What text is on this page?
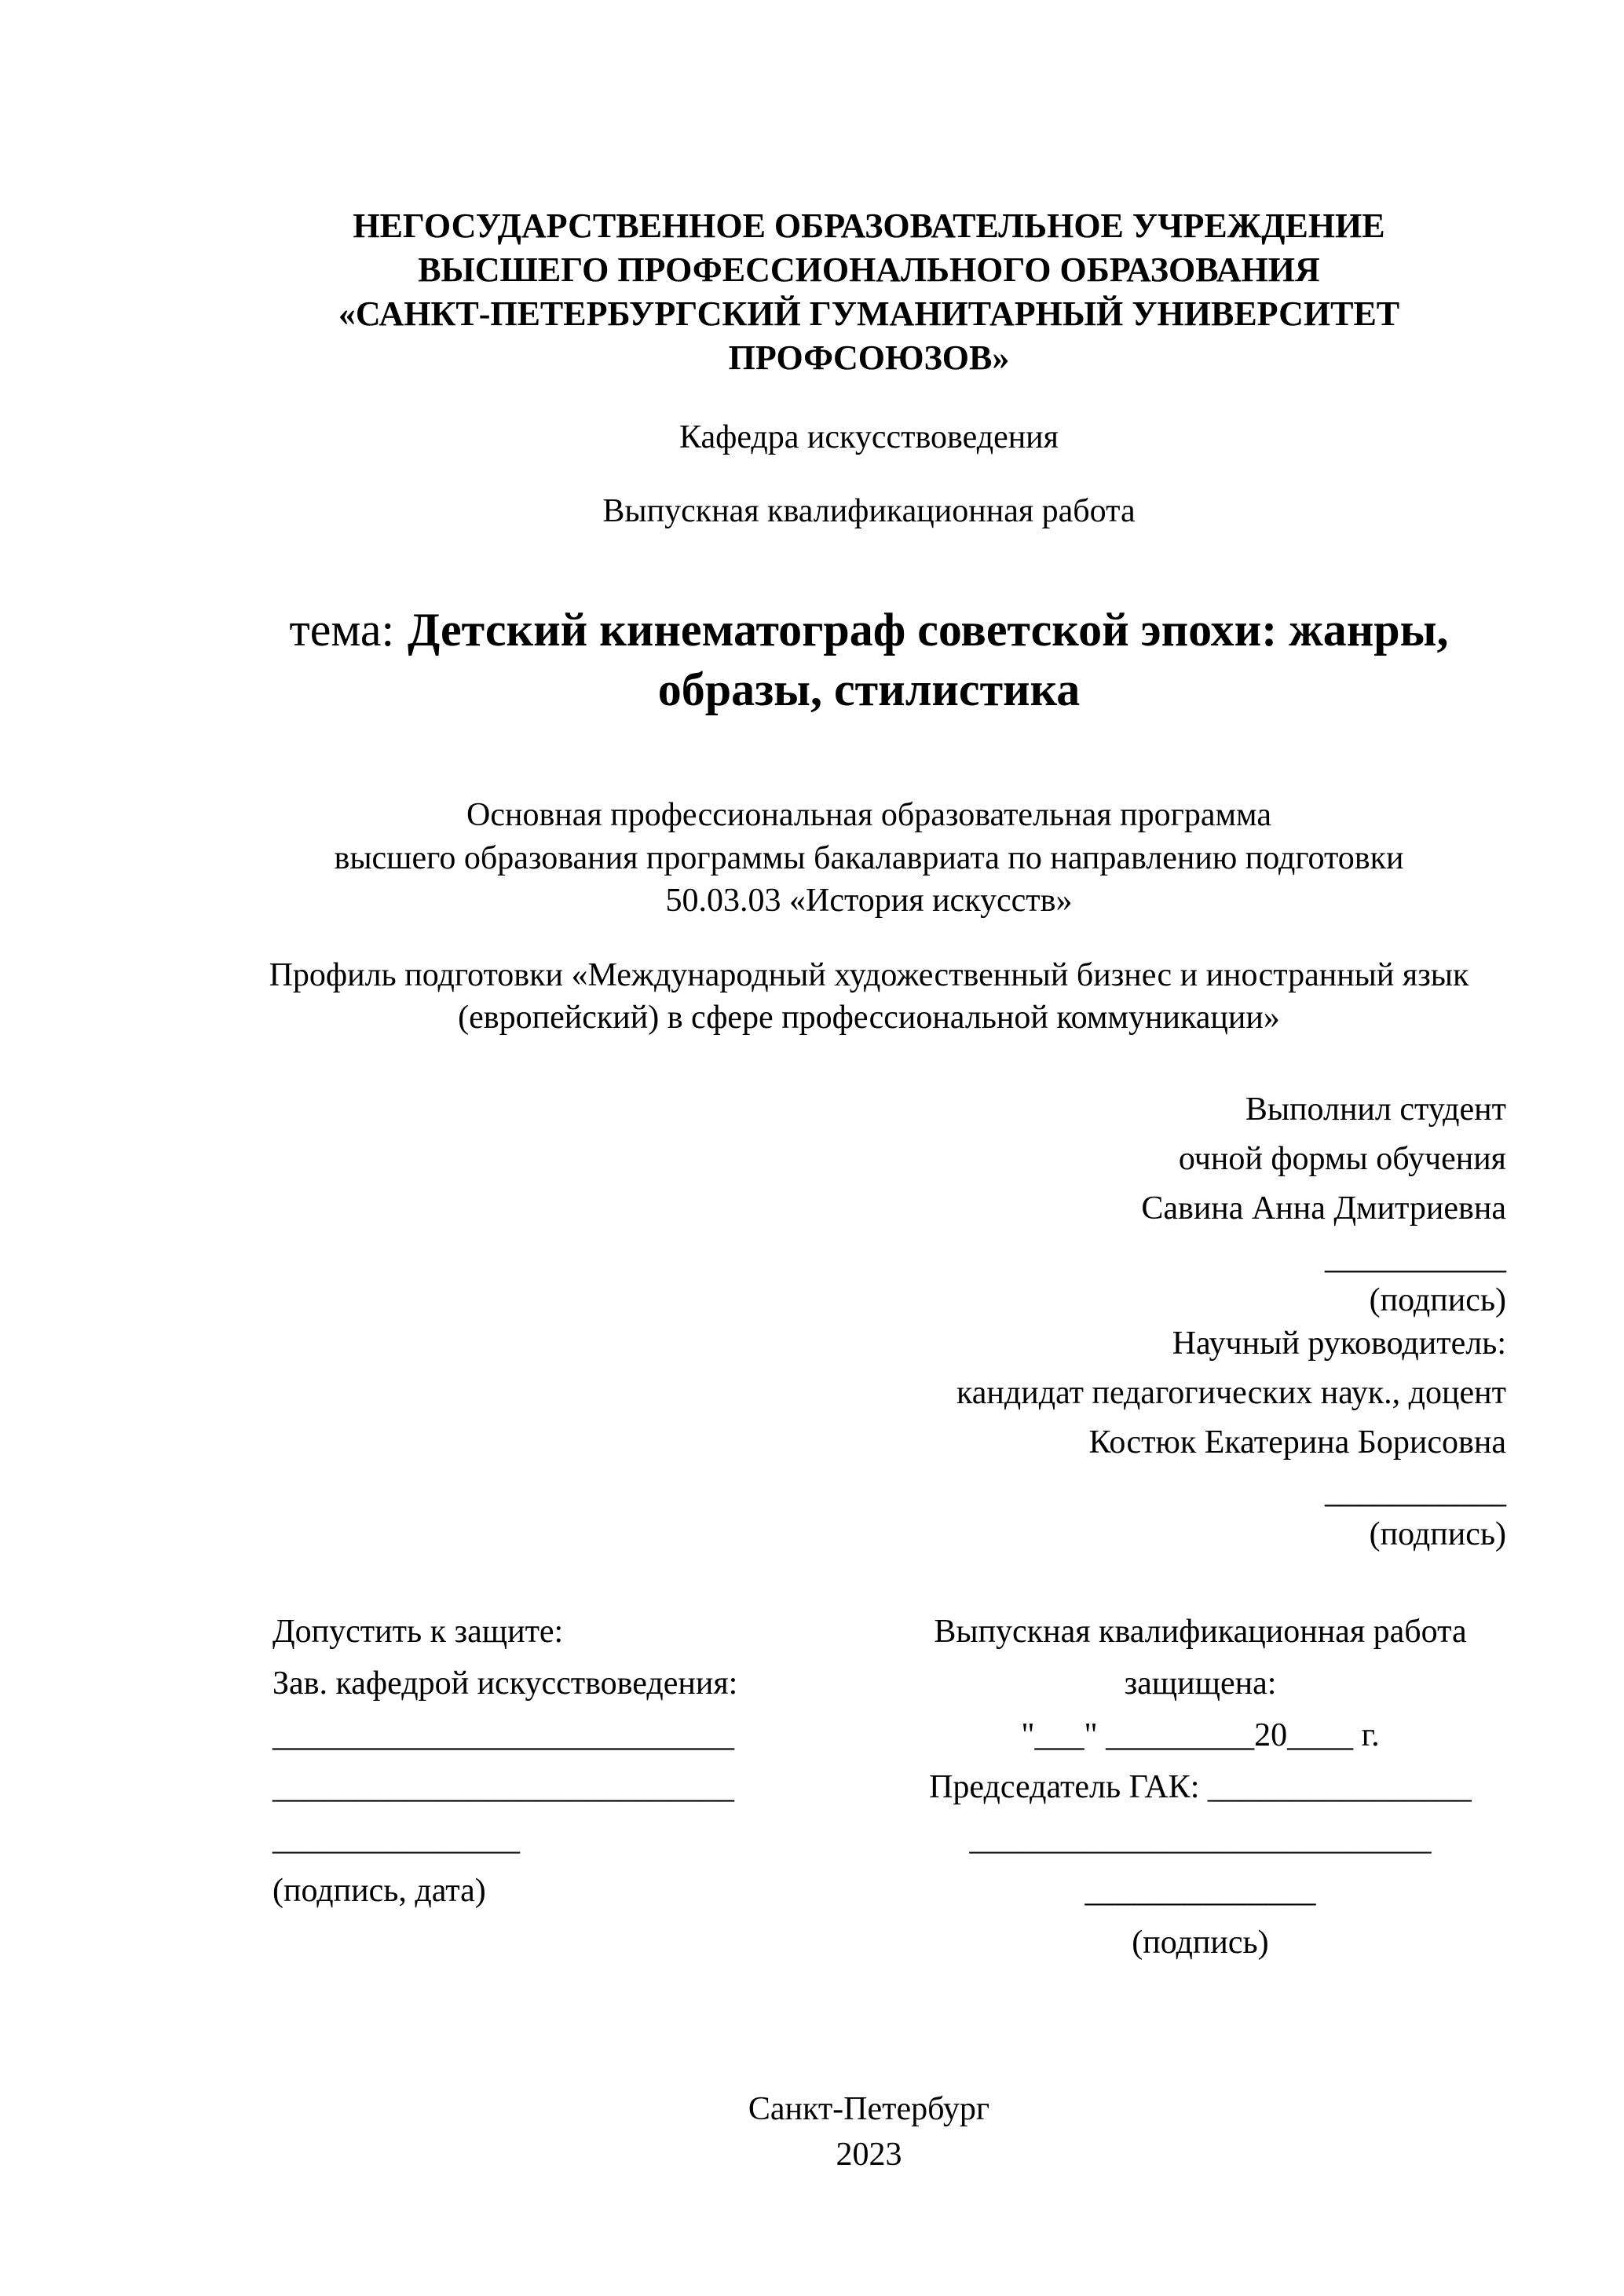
НЕГОСУДАРСТВЕННОЕ ОБРАЗОВАТЕЛЬНОЕ УЧРЕЖДЕНИЕ
ВЫСШЕГО ПРОФЕССИОНАЛЬНОГО ОБРАЗОВАНИЯ
«САНКТ-ПЕТЕРБУРГСКИЙ ГУМАНИТАРНЫЙ УНИВЕРСИТЕТ ПРОФСОЮЗОВ»
Кафедра искусствоведения
Выпускная квалификационная работа
тема: Детский кинематограф советской эпохи: жанры,
образы, стилистика
Основная профессиональная образовательная программа
высшего образования программы бакалавриата по направлению подготовки
50.03.03 «История искусств»
Профиль подготовки «Международный художественный бизнес и иностранный язык
(европейский) в сфере профессиональной коммуникации»
Выполнил студент
очной формы обучения
Савина Анна Дмитриевна
___________
(подпись)
Научный руководитель:
кандидат педагогических наук., доцент
Костюк Екатерина Борисовна
___________
(подпись)
Допустить к защите:
Зав. кафедрой искусствоведения:
____________________________
____________________________
_______________
(подпись, дата)
Выпускная квалификационная работа
защищена:
"___" _________20____ г.
Председатель ГАК: ________________
____________________________
______________
(подпись)
Санкт-Петербург
2023
